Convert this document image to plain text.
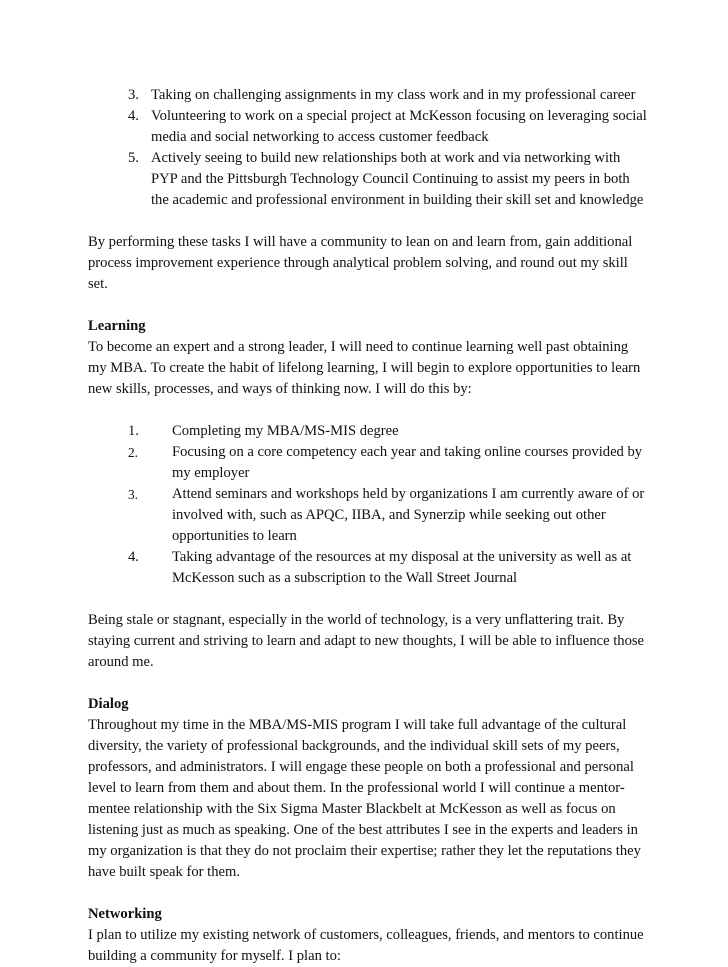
3. Taking on challenging assignments in my class work and in my professional career
4. Volunteering to work on a special project at McKesson focusing on leveraging social media and social networking to access customer feedback
5. Actively seeing to build new relationships both at work and via networking with PYP and the Pittsburgh Technology Council Continuing to assist my peers in both the academic and professional environment in building their skill set and knowledge

By performing these tasks I will have a community to lean on and learn from, gain additional process improvement experience through analytical problem solving, and round out my skill set.

Learning

To become an expert and a strong leader, I will need to continue learning well past obtaining my MBA. To create the habit of lifelong learning, I will begin to explore opportunities to learn new skills, processes, and ways of thinking now. I will do this by:

1. Completing my MBA/MS-MIS degree
2. Focusing on a core competency each year and taking online courses provided by my employer
3. Attend seminars and workshops held by organizations I am currently aware of or involved with, such as APQC, IIBA, and Synerzip while seeking out other opportunities to learn
4. Taking advantage of the resources at my disposal at the university as well as at McKesson such as a subscription to the Wall Street Journal

Being stale or stagnant, especially in the world of technology, is a very unflattering trait. By staying current and striving to learn and adapt to new thoughts, I will be able to influence those around me.

Dialog

Throughout my time in the MBA/MS-MIS program I will take full advantage of the cultural diversity, the variety of professional backgrounds, and the individual skill sets of my peers, professors, and administrators. I will engage these people on both a professional and personal level to learn from them and about them. In the professional world I will continue a mentor-mentee relationship with the Six Sigma Master Blackbelt at McKesson as well as focus on listening just as much as speaking. One of the best attributes I see in the experts and leaders in my organization is that they do not proclaim their expertise; rather they let the reputations they have built speak for them.

Networking

I plan to utilize my existing network of customers, colleagues, friends, and mentors to continue building a community for myself. I plan to:
